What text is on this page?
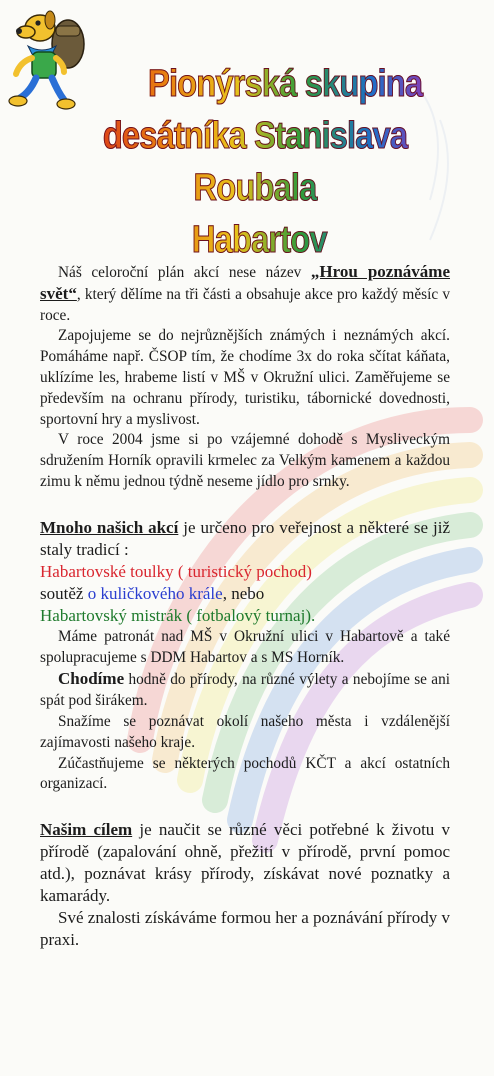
Pionýrská skupina
desátníka Stanislava Roubala
Habartov

Náš celoroční plán akcí nese název „Hrou poznáváme svět“, který dělíme na tři části a obsahuje akce pro každý měsíc v roce.

Zapojujeme se do nejrůznějších známých i neznámých akcí. Pomáháme např. ČSOP tím, že chodíme 3x do roka sčítat káňata, uklízíme les, hrabeme listí v MŠ v Okružní ulici. Zaměřujeme se především na ochranu přírody, turistiku, tábornické dovednosti, sportovní hry a myslivost.

V roce 2004 jsme si po vzájemné dohodě s Mysliveckým sdružením Horník opravili krmelec za Velkým kamenem a každou zimu k němu jednou týdně neseme jídlo pro srnky.

Mnoho našich akcí je určeno pro veřejnost a některé se již staly tradicí :

Habartovské toulky ( turistický pochod)

soutěž o kuličkového krále, nebo

Habartovský mistrák ( fotbalový turnaj).

Máme patronát nad MŠ v Okružní ulici v Habartově a také spolupracujeme s DDM Habartov a s MS Horník.

Chodíme hodně do přírody, na různé výlety a nebojíme se ani spát pod širákem.

Snažíme se poznávat okolí našeho města i vzdálenější zajímavosti našeho kraje.

Zúčastňujeme se některých pochodů KČT a akcí ostatních organizací.

Našim cílem je naučit se různé věci potřebné k životu v přírodě (zapalování ohně, přežití v přírodě, první pomoc atd.), poznávat krásy přírody, získávat nové poznatky a kamarády.

Své znalosti získáváme formou her a poznávání přírody v praxi.
